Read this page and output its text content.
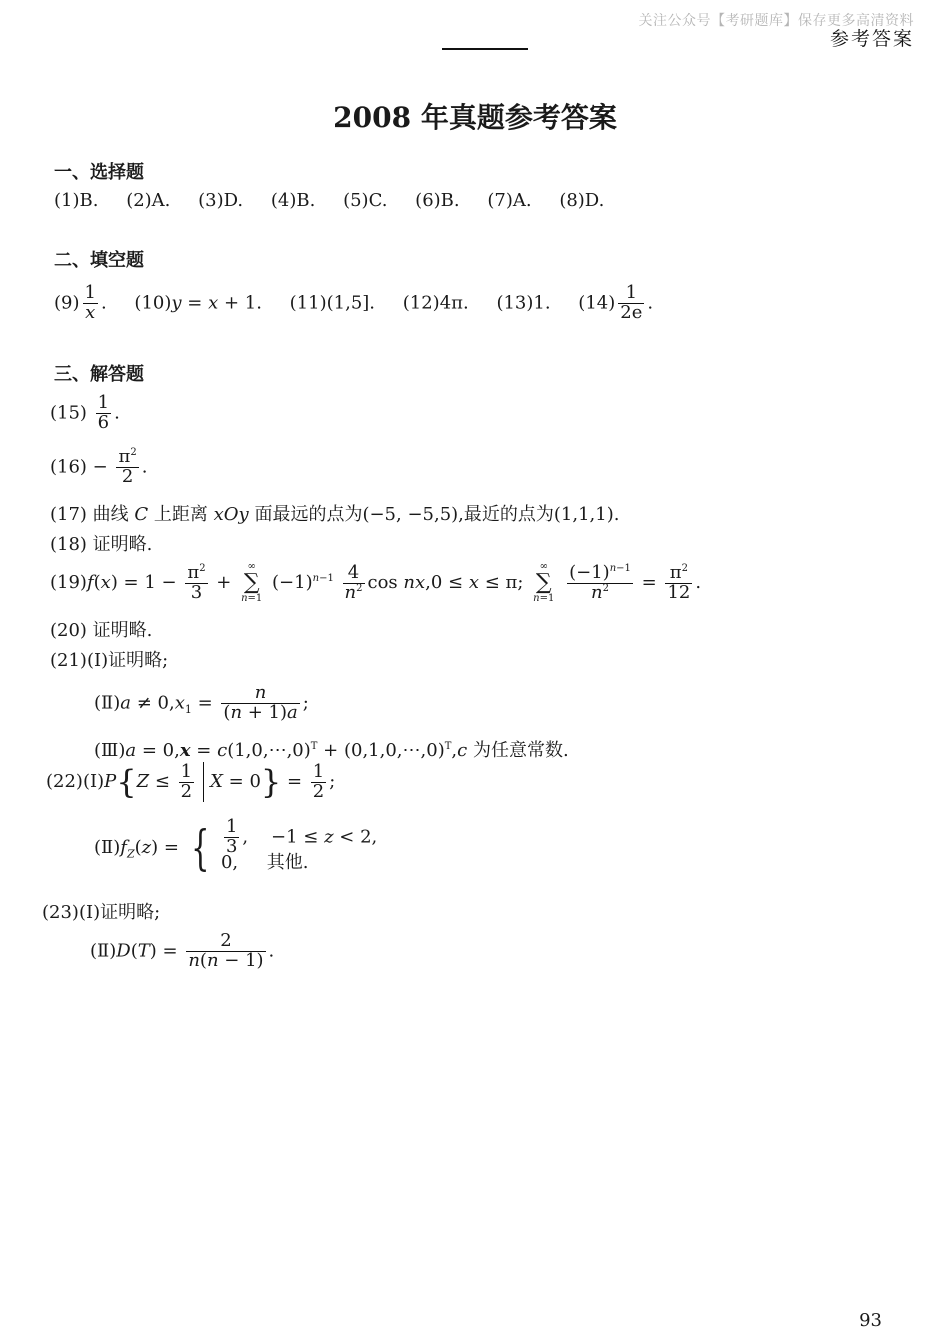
关注公众号【考研题库】保存更多高清资料
参考答案
2008 年真题参考答案
一、选择题
(1)B. (2)A. (3)D. (4)B. (5)C. (6)B. (7)A. (8)D.
二、填空题
$(9) \frac{1}{x}$ . (10)y = x + 1. (11)(1,5]. (12)4π. (13)1. $(14) \frac{1}{2e}$ .
三、解答题
$(15) \frac{1}{6}$ .
$(16) - \frac{\pi^2}{2}$ .
(17) 曲线 C 上距离 xOy 面最远的点为(−5, −5,5),最近的点为(1,1,1).
(18) 证明略.
$(19)f(x) = 1 - \frac{\pi^2}{3}$ + ∞
∑
n=1 $(-1)^{n-1} \frac{4}{n^2}$ cos nx,0 ≤ x ≤ π; ∞
∑
$n=1 \frac{(-1)^{n-1}}{n^2} = \frac{\pi^2}{12}$ .
(20) 证明略.
(21)(Ⅰ)证明略;
(Ⅱ)a ≠ $0,x_1 = \frac{n}{(n + 1)a}$ ;
(Ⅲ)a = 0,x = c(1,0,⋯,0)$^T$ + (0,1,0,⋯,0)$^T$,c 为任意常数.
(22)(Ⅰ)P{Z ≤ $\frac{1}{2}$ $X = 0\} = \frac{1}{2}$ ;
$(Ⅱ)f_Z(z)$ = { $\frac{1}{3}$ ,    −1 ≤ z < 2,
0,     其他.
(23)(Ⅰ)证明略;
(Ⅱ)D(T) = $\frac{2}{n(n - 1)}$ .
93
